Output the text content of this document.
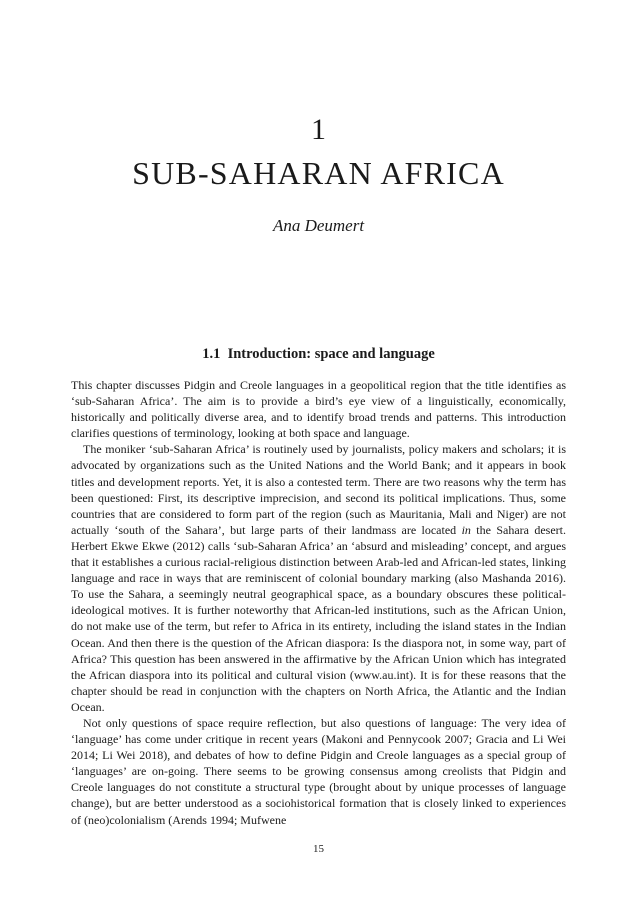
1
SUB-SAHARAN AFRICA
Ana Deumert
1.1 Introduction: space and language

This chapter discusses Pidgin and Creole languages in a geopolitical region that the title identifies as ‘sub-Saharan Africa’. The aim is to provide a bird’s eye view of a linguistically, economically, historically and politically diverse area, and to identify broad trends and patterns. This introduction clarifies questions of terminology, looking at both space and language.

The moniker ‘sub-Saharan Africa’ is routinely used by journalists, policy makers and scholars; it is advocated by organizations such as the United Nations and the World Bank; and it appears in book titles and development reports. Yet, it is also a contested term. There are two reasons why the term has been questioned: First, its descriptive imprecision, and second its political implications. Thus, some countries that are considered to form part of the region (such as Mauritania, Mali and Niger) are not actually ‘south of the Sahara’, but large parts of their landmass are located in the Sahara desert. Herbert Ekwe Ekwe (2012) calls ‘sub-Saharan Africa’ an ‘absurd and misleading’ concept, and argues that it establishes a curious racial-religious distinction between Arab-led and African-led states, linking language and race in ways that are reminiscent of colonial boundary marking (also Mashanda 2016). To use the Sahara, a seemingly neutral geographical space, as a boundary obscures these political-ideological motives. It is further noteworthy that African-led institutions, such as the African Union, do not make use of the term, but refer to Africa in its entirety, including the island states in the Indian Ocean. And then there is the question of the African diaspora: Is the diaspora not, in some way, part of Africa? This question has been answered in the affirmative by the African Union which has integrated the African diaspora into its political and cultural vision (www.au.int). It is for these reasons that the chapter should be read in conjunction with the chapters on North Africa, the Atlantic and the Indian Ocean.

Not only questions of space require reflection, but also questions of language: The very idea of ‘language’ has come under critique in recent years (Makoni and Pennycook 2007; Gracia and Li Wei 2014; Li Wei 2018), and debates of how to define Pidgin and Creole languages as a special group of ‘languages’ are on-going. There seems to be growing consensus among creolists that Pidgin and Creole languages do not constitute a structural type (brought about by unique processes of language change), but are better understood as a sociohistorical formation that is closely linked to experiences of (neo)colonialism (Arends 1994; Mufwene

15
